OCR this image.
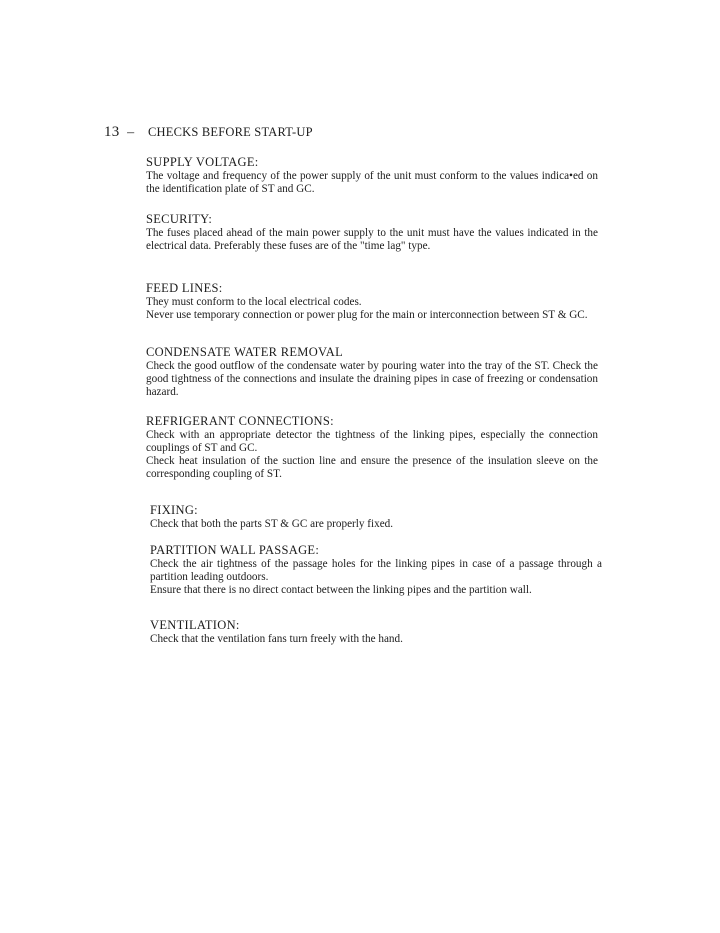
13 – CHECKS BEFORE START-UP
SUPPLY VOLTAGE:

The voltage and frequency of the power supply of the unit must conform to the values indica•ed on the identification plate of ST and GC.

SECURITY:

The fuses placed ahead of the main power supply to the unit must have the values indicated in the electrical data. Preferably these fuses are of the "time lag" type.

FEED LINES:

They must conform to the local electrical codes.

Never use temporary connection or power plug for the main or interconnection between ST & GC.

CONDENSATE WATER REMOVAL

Check the good outflow of the condensate water by pouring water into the tray of the ST. Check the good tightness of the connections and insulate the draining pipes in case of freezing or condensation hazard.

REFRIGERANT CONNECTIONS:

Check with an appropriate detector the tightness of the linking pipes, especially the connection couplings of ST and GC.

Check heat insulation of the suction line and ensure the presence of the insulation sleeve on the corresponding coupling of ST.

FIXING:

Check that both the parts ST & GC are properly fixed.

PARTITION WALL PASSAGE:

Check the air tightness of the passage holes for the linking pipes in case of a passage through a partition leading outdoors.

Ensure that there is no direct contact between the linking pipes and the partition wall.

VENTILATION:

Check that the ventilation fans turn freely with the hand.
